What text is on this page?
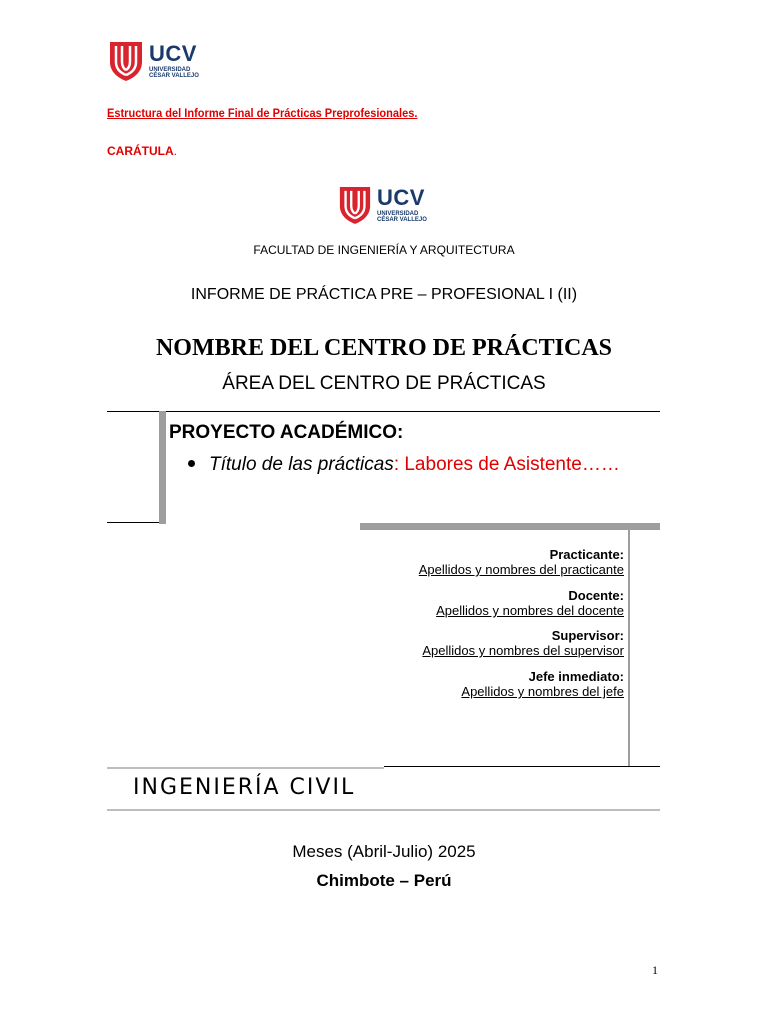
UCV
UNIVERSIDAD
CÉSAR VALLEJO
Estructura del Informe Final de Prácticas Preprofesionales.
CARÁTULA.
UCV
UNIVERSIDAD
CÉSAR VALLEJO
FACULTAD DE INGENIERÍA Y ARQUITECTURA
INFORME DE PRÁCTICA PRE – PROFESIONAL I (II)
NOMBRE DEL CENTRO DE PRÁCTICAS
ÁREA DEL CENTRO DE PRÁCTICAS
PROYECTO ACADÉMICO:
Título de las prácticas: Labores de Asistente……
Practicante:
Apellidos y nombres del practicante
Docente:
Apellidos y nombres del docente
Supervisor:
Apellidos y nombres del supervisor
Jefe inmediato:
Apellidos y nombres del jefe
INGENIERÍA CIVIL
Meses (Abril-Julio) 2025
Chimbote – Perú
1
